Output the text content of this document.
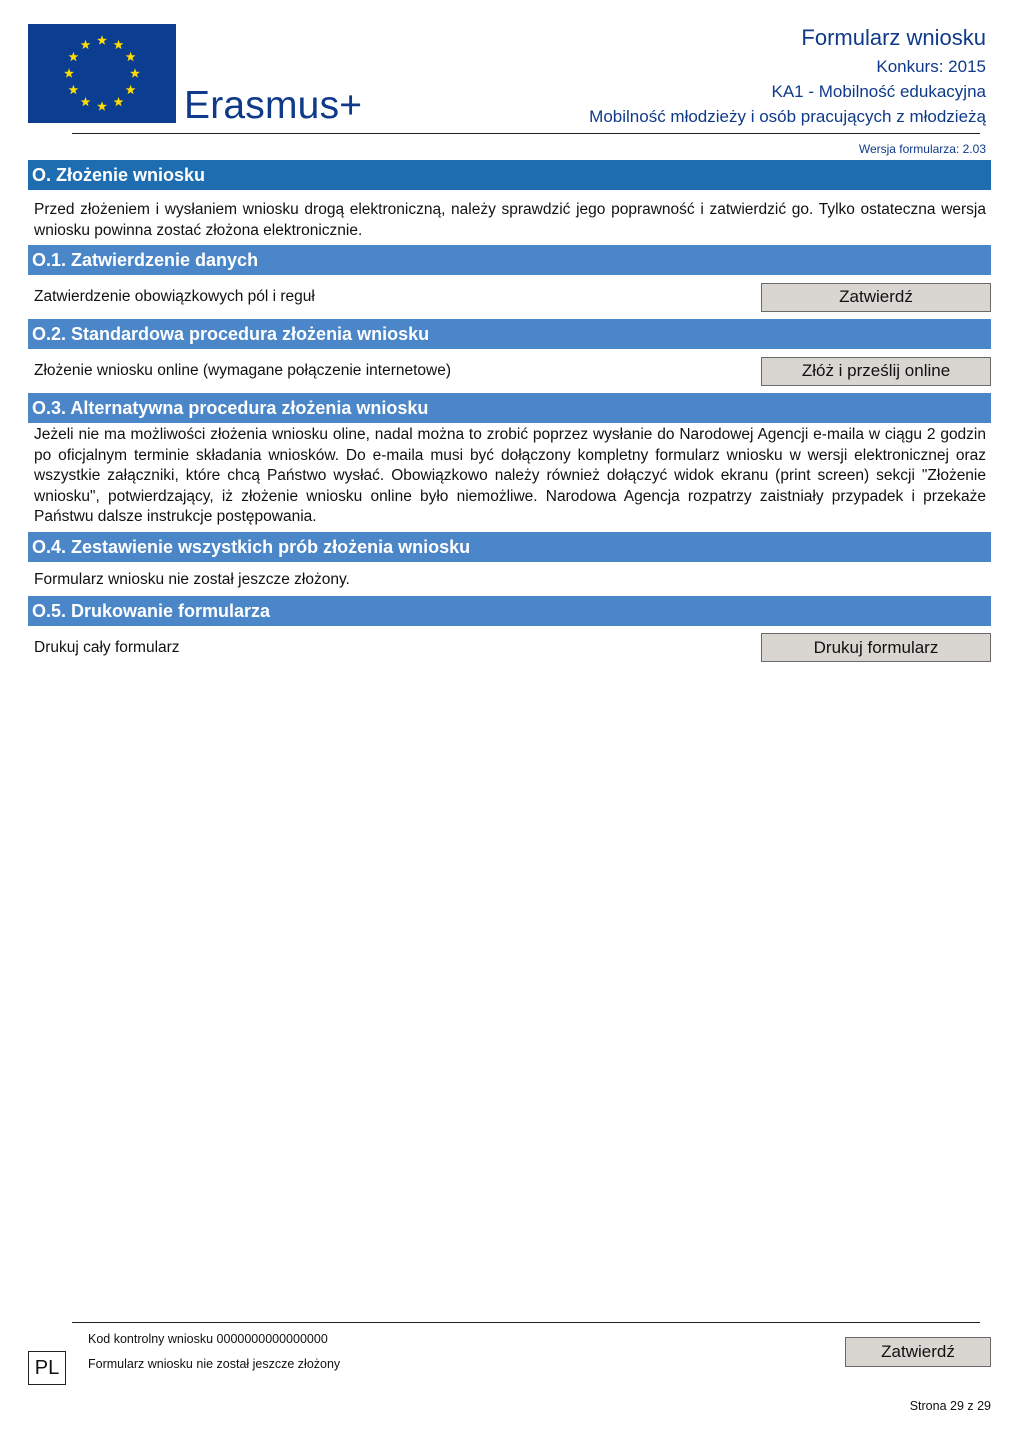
Erasmus+
Formularz wniosku
Konkurs: 2015
KA1 - Mobilność edukacyjna
Mobilność młodzieży i osób pracujących z młodzieżą
Wersja formularza: 2.03
O. Złożenie wniosku
Przed złożeniem i wysłaniem wniosku drogą elektroniczną, należy sprawdzić jego poprawność i zatwierdzić go. Tylko ostateczna wersja wniosku powinna zostać złożona elektronicznie.
O.1. Zatwierdzenie danych
Zatwierdzenie obowiązkowych pól i reguł	Zatwierdź
O.2. Standardowa procedura złożenia wniosku
Złożenie wniosku online (wymagane połączenie internetowe)	Złóż i prześlij online
O.3. Alternatywna procedura złożenia wniosku
Jeżeli nie ma możliwości złożenia wniosku oline, nadal można to zrobić poprzez wysłanie do Narodowej Agencji e-maila w ciągu 2 godzin po oficjalnym terminie składania wniosków. Do e-maila musi być dołączony kompletny formularz wniosku w wersji elektronicznej oraz wszystkie załączniki, które chcą Państwo wysłać. Obowiązkowo należy również dołączyć widok ekranu (print screen) sekcji "Złożenie wniosku", potwierdzający, iż złożenie wniosku online było niemożliwe. Narodowa Agencja rozpatrzy zaistniały przypadek i przekaże Państwu dalsze instrukcje postępowania.
O.4. Zestawienie wszystkich prób złożenia wniosku
Formularz wniosku nie został jeszcze złożony.
O.5. Drukowanie formularza
Drukuj cały formularz	Drukuj formularz
Kod kontrolny wniosku 0000000000000000
Formularz wniosku nie został jeszcze złożony
PL
Zatwierdź
Strona 29 z 29
